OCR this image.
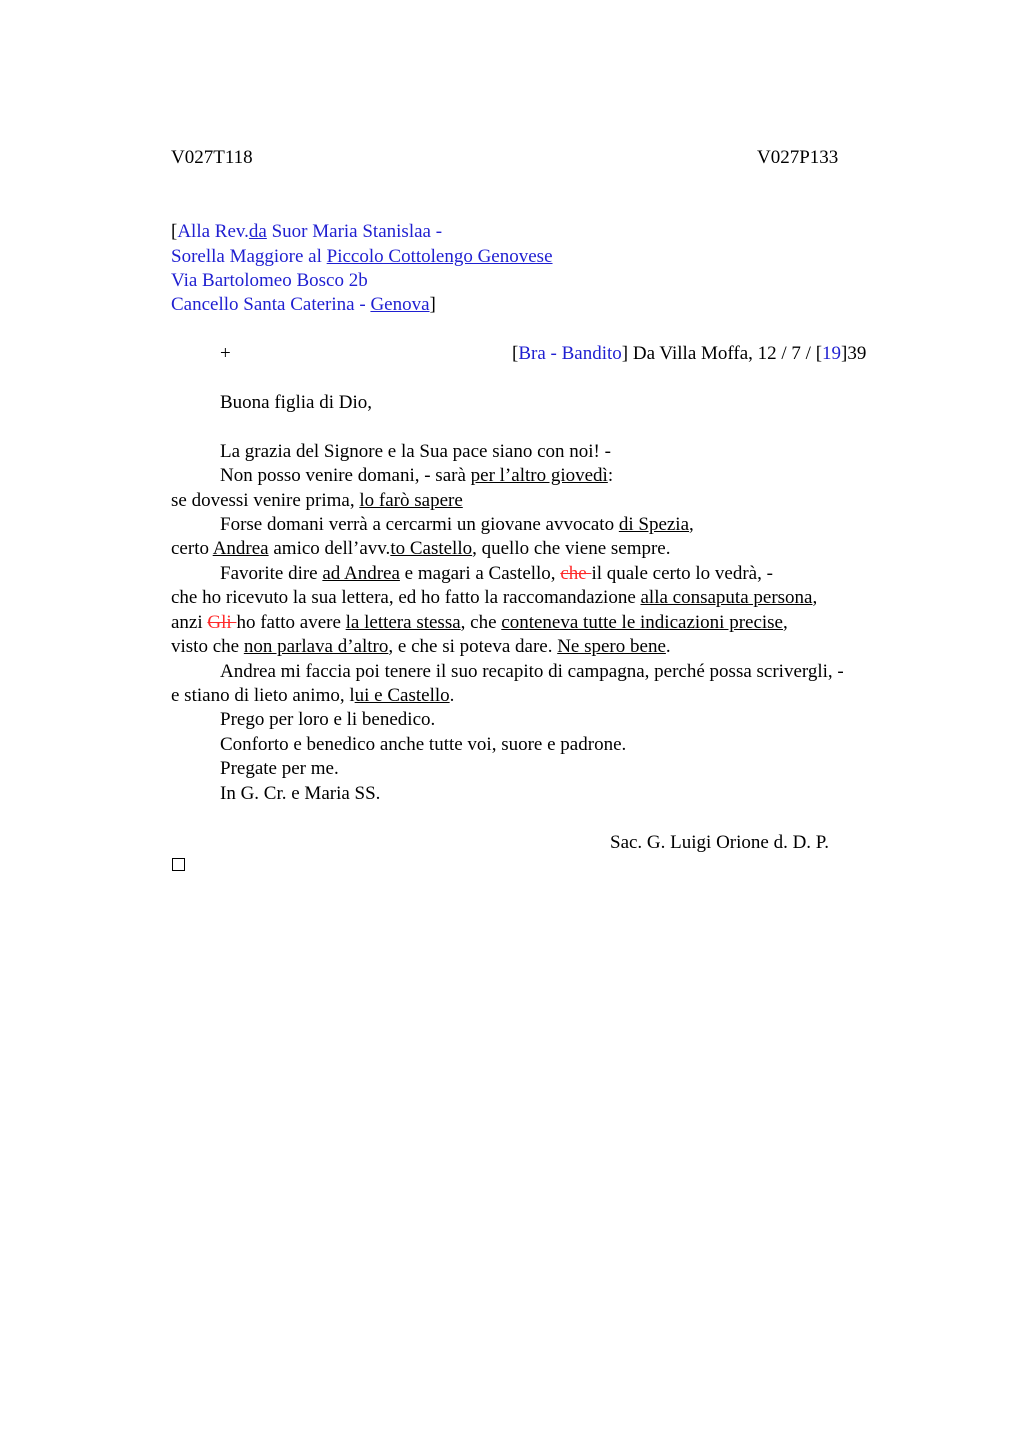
V027T118	V027P133
[Alla Rev.da Suor Maria Stanislaa -
Sorella Maggiore al Piccolo Cottolengo Genovese
Via Bartolomeo Bosco 2b
Cancello Santa Caterina - Genova]
+	[Bra - Bandito] Da Villa Moffa, 12 / 7 / [19]39
Buona figlia di Dio,
La grazia del Signore e la Sua pace siano con noi! -
Non posso venire domani, - sarà per l’altro giovedì:
se dovessi venire prima, lo farò sapere
Forse domani verrà a cercarmi un giovane avvocato di Spezia,
certo Andrea amico dell’avv.to Castello, quello che viene sempre.
Favorite dire ad Andrea e magari a Castello, che il quale certo lo vedrà, -
che ho ricevuto la sua lettera, ed ho fatto la raccomandazione alla consaputa persona,
anzi Gli ho fatto avere la lettera stessa, che conteneva tutte le indicazioni precise,
visto che non parlava d’altro, e che si poteva dare. Ne spero bene.
Andrea mi faccia poi tenere il suo recapito di campagna, perché possa scrivergli, -
e stiano di lieto animo, lui e Castello.
Prego per loro e li benedico.
Conforto e benedico anche tutte voi, suore e padrone.
Pregate per me.
In G. Cr. e Maria SS.
Sac. G. Luigi Orione d. D. P.
